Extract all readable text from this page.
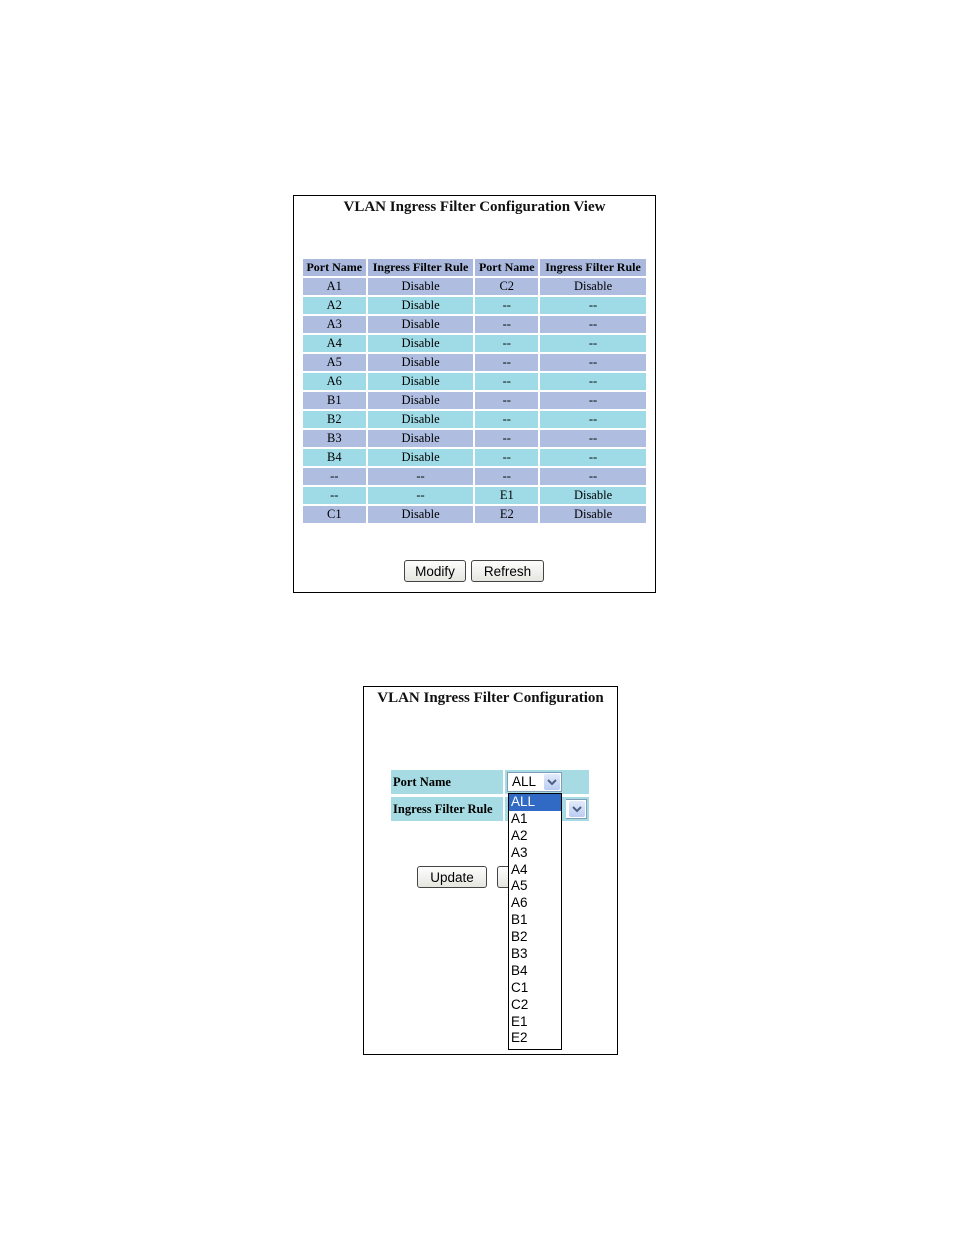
VLAN Ingress Filter Configuration View
Port Name	Ingress Filter Rule	Port Name	Ingress Filter Rule
A1	Disable	C2	Disable
A2	Disable	--	--
A3	Disable	--	--
A4	Disable	--	--
A5	Disable	--	--
A6	Disable	--	--
B1	Disable	--	--
B2	Disable	--	--
B3	Disable	--	--
B4	Disable	--	--
--	--	--	--
--	--	E1	Disable
C1	Disable	E2	Disable
Modify	Refresh
VLAN Ingress Filter Configuration
Port Name	ALL
Ingress Filter Rule
Update
ALL
A1
A2
A3
A4
A5
A6
B1
B2
B3
B4
C1
C2
E1
E2
